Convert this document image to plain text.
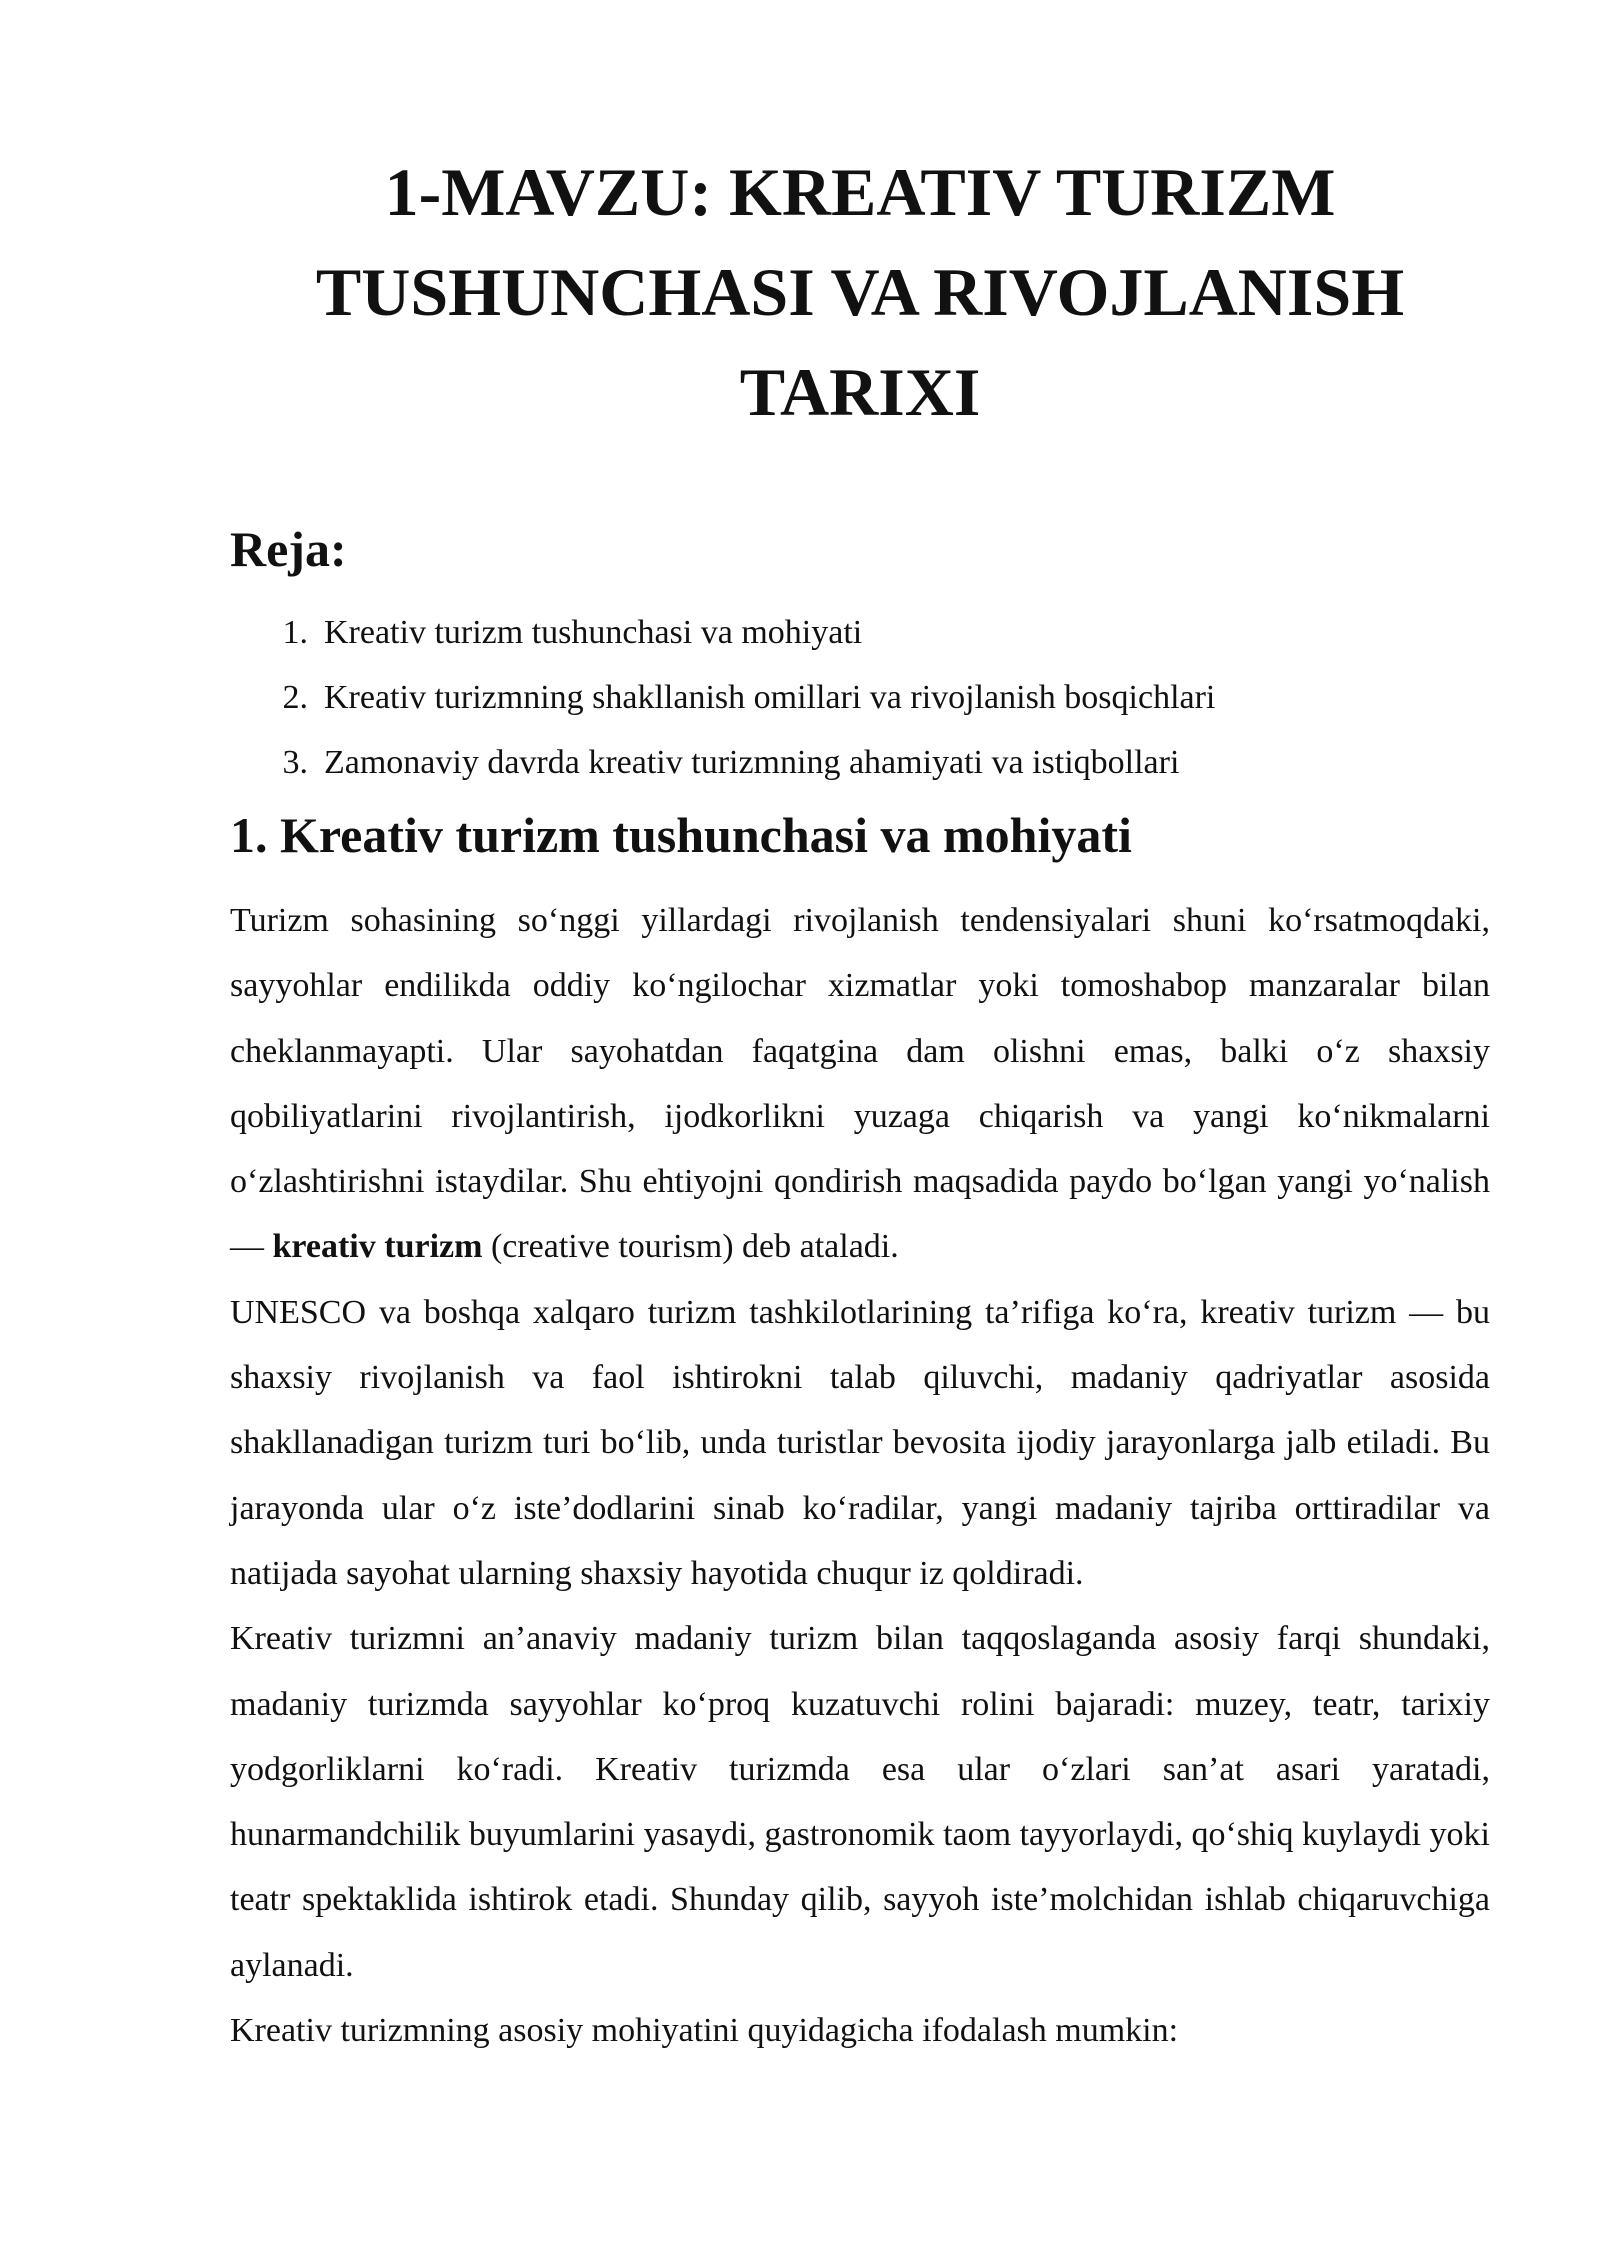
1-MAVZU: KREATIV TURIZM
TUSHUNCHASI VA RIVOJLANISH
TARIXI
Reja:
1. Kreativ turizm tushunchasi va mohiyati
2. Kreativ turizmning shakllanish omillari va rivojlanish bosqichlari
3. Zamonaviy davrda kreativ turizmning ahamiyati va istiqbollari
1. Kreativ turizm tushunchasi va mohiyati

Turizm sohasining so‘nggi yillardagi rivojlanish tendensiyalari shuni ko‘rsatmoqdaki, sayyohlar endilikda oddiy ko‘ngilochar xizmatlar yoki tomoshabop manzaralar bilan cheklanmayapti. Ular sayohatdan faqatgina dam olishni emas, balki o‘z shaxsiy qobiliyatlarini rivojlantirish, ijodkorlikni yuzaga chiqarish va yangi ko‘nikmalarni o‘zlashtirishni istaydilar. Shu ehtiyojni qondirish maqsadida paydo bo‘lgan yangi yo‘nalish — kreativ turizm (creative tourism) deb ataladi.

UNESCO va boshqa xalqaro turizm tashkilotlarining ta’rifiga ko‘ra, kreativ turizm — bu shaxsiy rivojlanish va faol ishtirokni talab qiluvchi, madaniy qadriyatlar asosida shakllanadigan turizm turi bo‘lib, unda turistlar bevosita ijodiy jarayonlarga jalb etiladi. Bu jarayonda ular o‘z iste’dodlarini sinab ko‘radilar, yangi madaniy tajriba orttiradilar va natijada sayohat ularning shaxsiy hayotida chuqur iz qoldiradi.

Kreativ turizmni an’anaviy madaniy turizm bilan taqqoslaganda asosiy farqi shundaki, madaniy turizmda sayyohlar ko‘proq kuzatuvchi rolini bajaradi: muzey, teatr, tarixiy yodgorliklarni ko‘radi. Kreativ turizmda esa ular o‘zlari san’at asari yaratadi, hunarmandchilik buyumlarini yasaydi, gastronomik taom tayyorlaydi, qo‘shiq kuylaydi yoki teatr spektaklida ishtirok etadi. Shunday qilib, sayyoh iste’molchidan ishlab chiqaruvchiga aylanadi.

Kreativ turizmning asosiy mohiyatini quyidagicha ifodalash mumkin:
